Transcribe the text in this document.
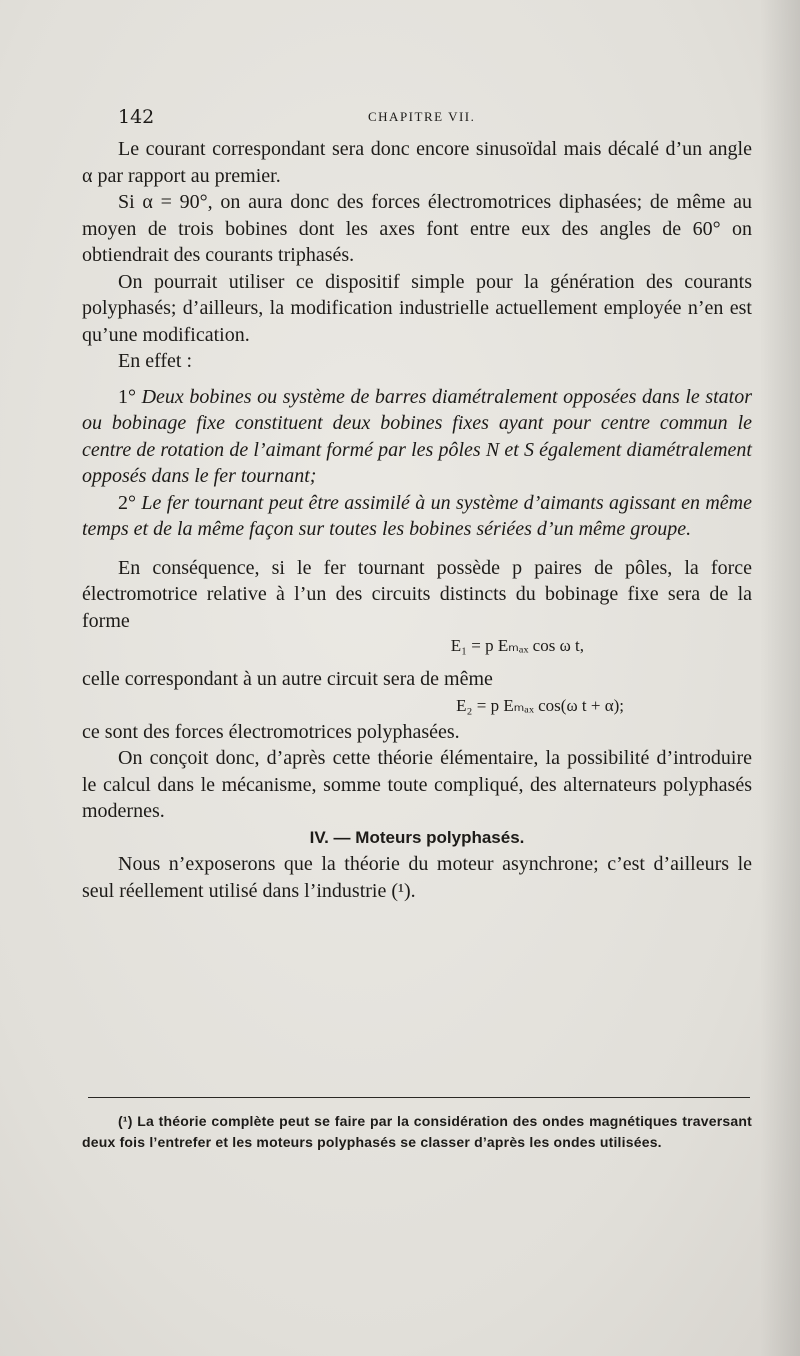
142	CHAPITRE VII.

Le courant correspondant sera donc encore sinusoïdal mais décalé d’un angle α par rapport au premier.

Si α = 90°, on aura donc des forces électromotrices diphasées; de même au moyen de trois bobines dont les axes font entre eux des angles de 60° on obtiendrait des courants triphasés.

On pourrait utiliser ce dispositif simple pour la génération des courants polyphasés; d’ailleurs, la modification industrielle actuellement employée n’en est qu’une modification.

En effet :

1° Deux bobines ou système de barres diamétralement opposées dans le stator ou bobinage fixe constituent deux bobines fixes ayant pour centre commun le centre de rotation de l’aimant formé par les pôles N et S également diamétralement opposés dans le fer tournant;

2° Le fer tournant peut être assimilé à un système d’aimants agissant en même temps et de la même façon sur toutes les bobines sériées d’un même groupe.

En conséquence, si le fer tournant possède p paires de pôles, la force électromotrice relative à l’un des circuits distincts du bobinage fixe sera de la forme

E₁ = p Eₘₐₓ cos ω t,

celle correspondant à un autre circuit sera de même

E₂ = p Eₘₐₓ cos(ω t + α);

ce sont des forces électromotrices polyphasées.

On conçoit donc, d’après cette théorie élémentaire, la possibilité d’introduire le calcul dans le mécanisme, somme toute compliqué, des alternateurs polyphasés modernes.

IV. — Moteurs polyphasés.

Nous n’exposerons que la théorie du moteur asynchrone; c’est d’ailleurs le seul réellement utilisé dans l’industrie (¹).

(¹) La théorie complète peut se faire par la considération des ondes magnétiques traversant deux fois l’entrefer et les moteurs polyphasés se classer d’après les ondes utilisées.
